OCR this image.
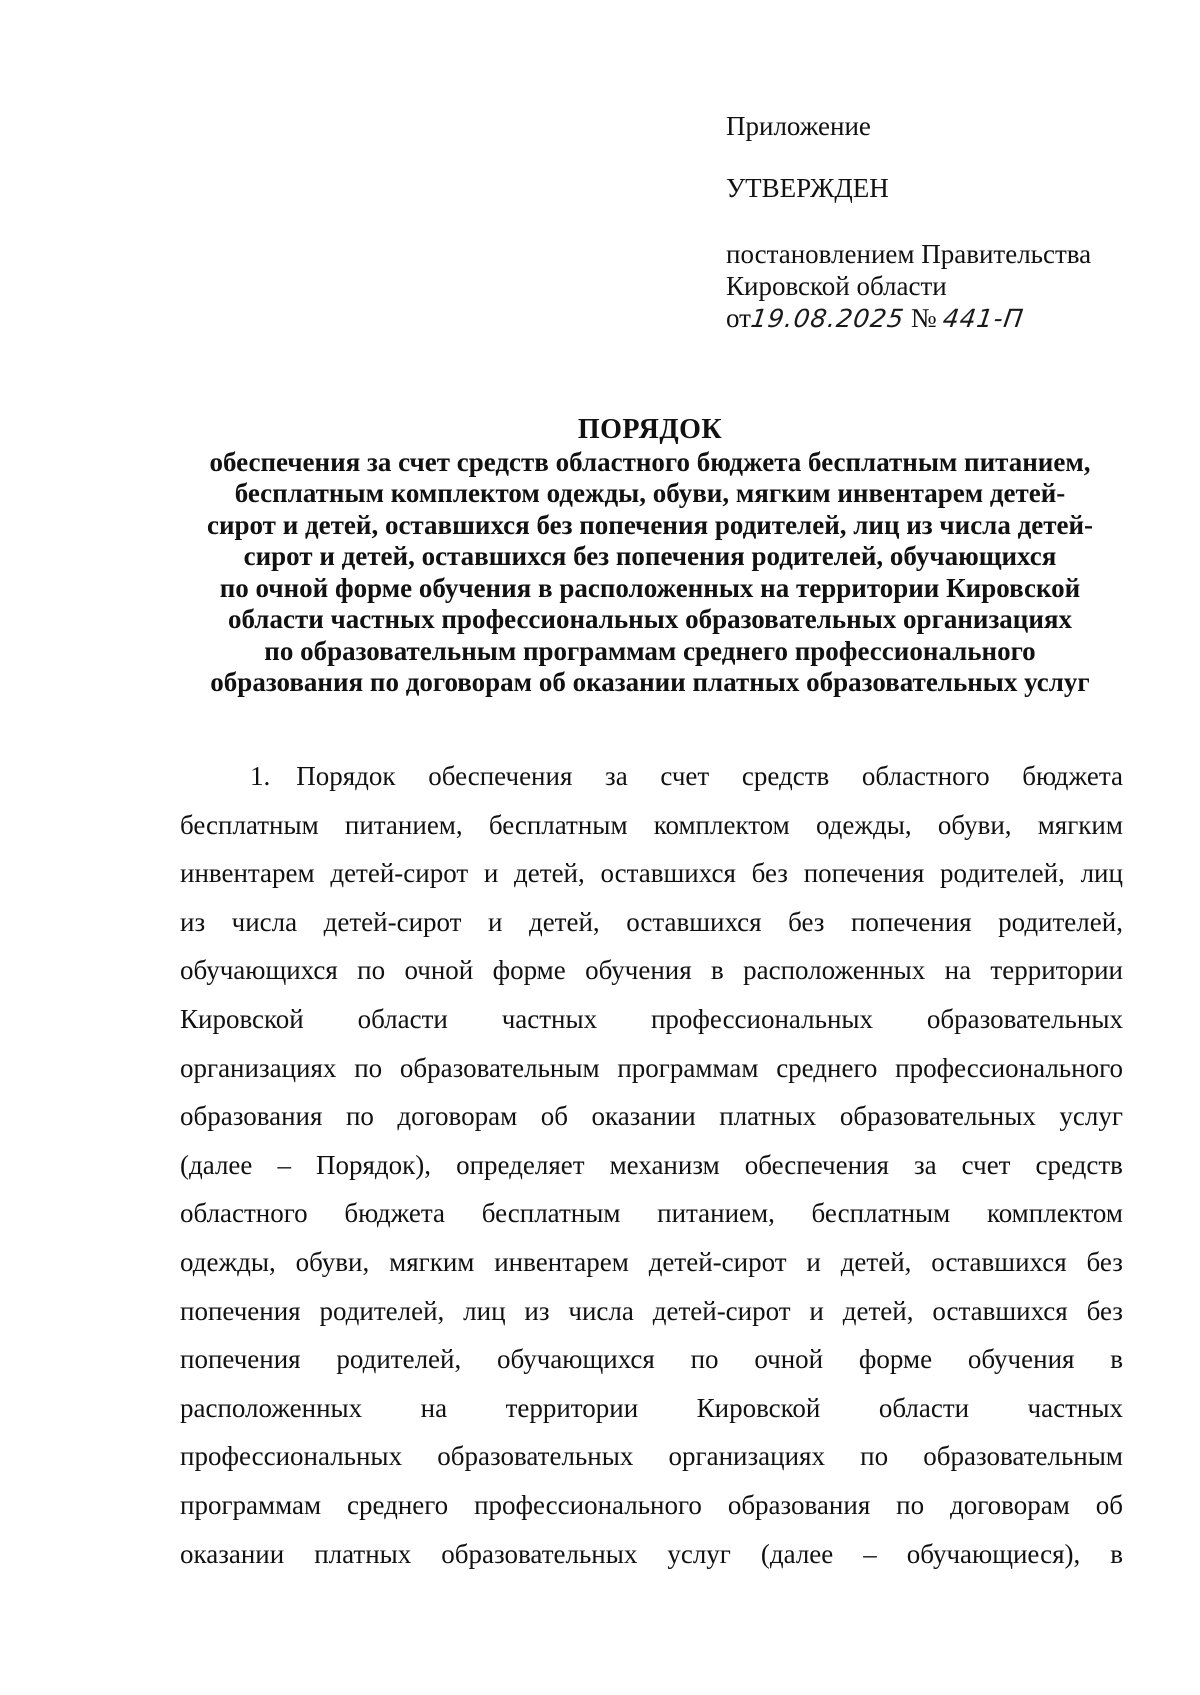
Приложение
УТВЕРЖДЕН
постановлением Правительства
Кировской области
от19.08.2025 № 441-П
ПОРЯДОК
обеспечения за счет средств областного бюджета бесплатным питанием,
бесплатным комплектом одежды, обуви, мягким инвентарем детей-
сирот и детей, оставшихся без попечения родителей, лиц из числа детей-
сирот и детей, оставшихся без попечения родителей, обучающихся
по очной форме обучения в расположенных на территории Кировской
области частных профессиональных образовательных организациях
по образовательным программам среднего профессионального
образования по договорам об оказании платных образовательных услуг
1. Порядок обеспечения за счет средств областного бюджета
бесплатным питанием, бесплатным комплектом одежды, обуви, мягким
инвентарем детей-сирот и детей, оставшихся без попечения родителей, лиц
из числа детей-сирот и детей, оставшихся без попечения родителей,
обучающихся по очной форме обучения в расположенных на территории
Кировской области частных профессиональных образовательных
организациях по образовательным программам среднего профессионального
образования по договорам об оказании платных образовательных услуг
(далее – Порядок), определяет механизм обеспечения за счет средств
областного бюджета бесплатным питанием, бесплатным комплектом
одежды, обуви, мягким инвентарем детей-сирот и детей, оставшихся без
попечения родителей, лиц из числа детей-сирот и детей, оставшихся без
попечения родителей, обучающихся по очной форме обучения в
расположенных на территории Кировской области частных
профессиональных образовательных организациях по образовательным
программам среднего профессионального образования по договорам об
оказании платных образовательных услуг (далее – обучающиеся), в
